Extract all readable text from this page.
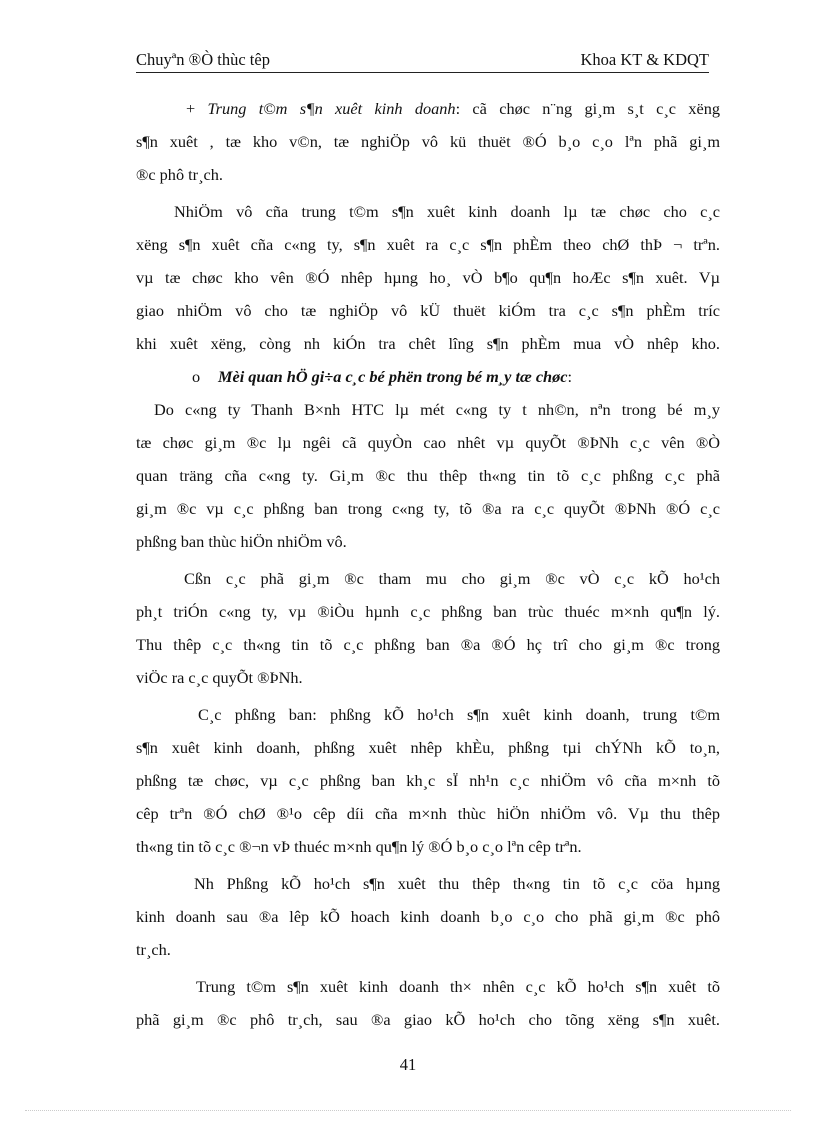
Chuyªn ®Ò thùc têp	Khoa KT & KDQT
+ Trung t©m s¶n xuêt kinh doanh: cã chøc n¨ng gi¸m s¸t c¸c xëng
s¶n xuêt , tæ kho v©n, tæ nghiÖp vô kü thuët ®Ó b¸o c¸o lªn phã gi¸m
®c phô tr¸ch.
NhiÖm vô cña trung t©m s¶n xuêt kinh doanh lµ tæ chøc cho c¸c
xëng s¶n xuêt cña c«ng ty, s¶n xuêt ra c¸c s¶n phÈm theo chØ thÞ ¬ trªn.
vµ tæ chøc kho vên ®Ó nhêp hµng ho¸ vÒ b¶o qu¶n hoÆc s¶n xuêt. Vµ
giao nhiÖm vô cho tæ nghiÖp vô kÜ thuët kiÓm tra c¸c s¶n phÈm tríc
khi xuêt xëng, còng nh kiÓn tra chêt lîng s¶n phÈm mua vÒ nhêp kho.
o Mèi quan hÖ gi÷a c¸c bé phën trong bé m¸y tæ chøc:
Do c«ng ty Thanh B×nh HTC lµ mét c«ng ty t nh©n, nªn trong bé m¸y
tæ chøc gi¸m ®c lµ ngêi cã quyÒn cao nhêt vµ quyÕt ®ÞNh c¸c vên ®Ò
quan träng cña c«ng ty. Gi¸m ®c thu thêp th«ng tin tõ c¸c phßng c¸c phã
gi¸m ®c vµ c¸c phßng ban trong c«ng ty, tõ ®a ra c¸c quyÕt ®ÞNh ®Ó c¸c
phßng ban thùc hiÖn nhiÖm vô.
Cßn c¸c phã gi¸m ®c tham mu cho gi¸m ®c vÒ c¸c kÕ ho¹ch
ph¸t triÓn c«ng ty, vµ ®iÒu hµnh c¸c phßng ban trùc thuéc m×nh qu¶n lý.
Thu thêp c¸c th«ng tin tõ c¸c phßng ban ®a ®Ó hç trî cho gi¸m ®c trong
viÖc ra c¸c quyÕt ®ÞNh.
C¸c phßng ban: phßng kÕ ho¹ch s¶n xuêt kinh doanh, trung t©m
s¶n xuêt kinh doanh, phßng xuêt nhêp khÈu, phßng tµi chÝNh kÕ to¸n,
phßng tæ chøc, vµ c¸c phßng ban kh¸c sÏ nh¹n c¸c nhiÖm vô cña m×nh tõ
cêp trªn ®Ó chØ ®¹o cêp díi cña m×nh thùc hiÖn nhiÖm vô. Vµ thu thêp
th«ng tin tõ c¸c ®¬n vÞ thuéc m×nh qu¶n lý ®Ó b¸o c¸o lªn cêp trªn.
Nh Phßng kÕ ho¹ch s¶n xuêt thu thêp th«ng tin tõ c¸c cöa hµng
kinh doanh sau ®a lêp kÕ hoach kinh doanh b¸o c¸o cho phã gi¸m ®c phô
tr¸ch.
Trung t©m s¶n xuêt kinh doanh th× nhên c¸c kÕ ho¹ch s¶n xuêt tõ
phã gi¸m ®c phô tr¸ch, sau ®a giao kÕ ho¹ch cho tõng xëng s¶n xuêt.
41
